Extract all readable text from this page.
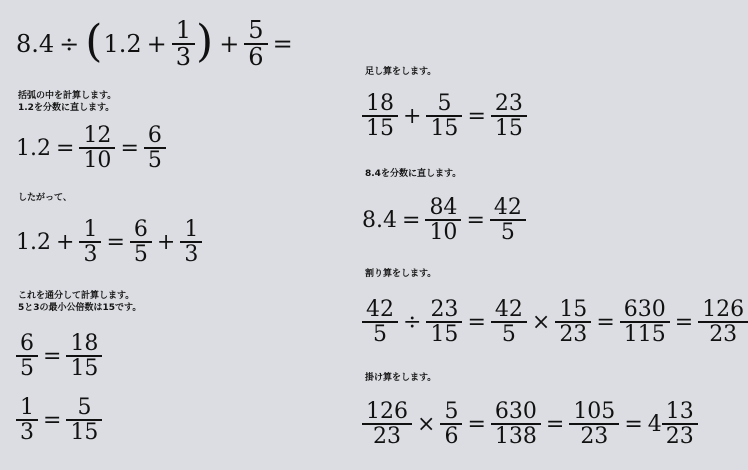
8.4 ÷ ( $1.2 + \frac{1}{3}$ ) + $\frac{5}{6}$ =
括弧の中を計算します。
1.2を分数に直します。
$1.2 = \frac{12}{10} = \frac{6}{5}$
したがって、
$1.2 + \frac{1}{3} = \frac{6}{5} + \frac{1}{3}$
これを通分して計算します。
5と3の最小公倍数は15です。
$\frac{6}{5} = \frac{18}{15}$
$\frac{1}{3} = \frac{5}{15}$
足し算をします。
$\frac{18}{15} + \frac{5}{15} = \frac{23}{15}$
8.4を分数に直します。
$8.4 = \frac{84}{10} = \frac{42}{5}$
割り算をします。
$\frac{42}{5} \div \frac{23}{15} = \frac{42}{5} \times \frac{15}{23} = \frac{630}{115} = \frac{126}{23}$
掛け算をします。
$\frac{126}{23} \times \frac{5}{6} = \frac{630}{138} = \frac{105}{23} = 4 \frac{13}{23}$
